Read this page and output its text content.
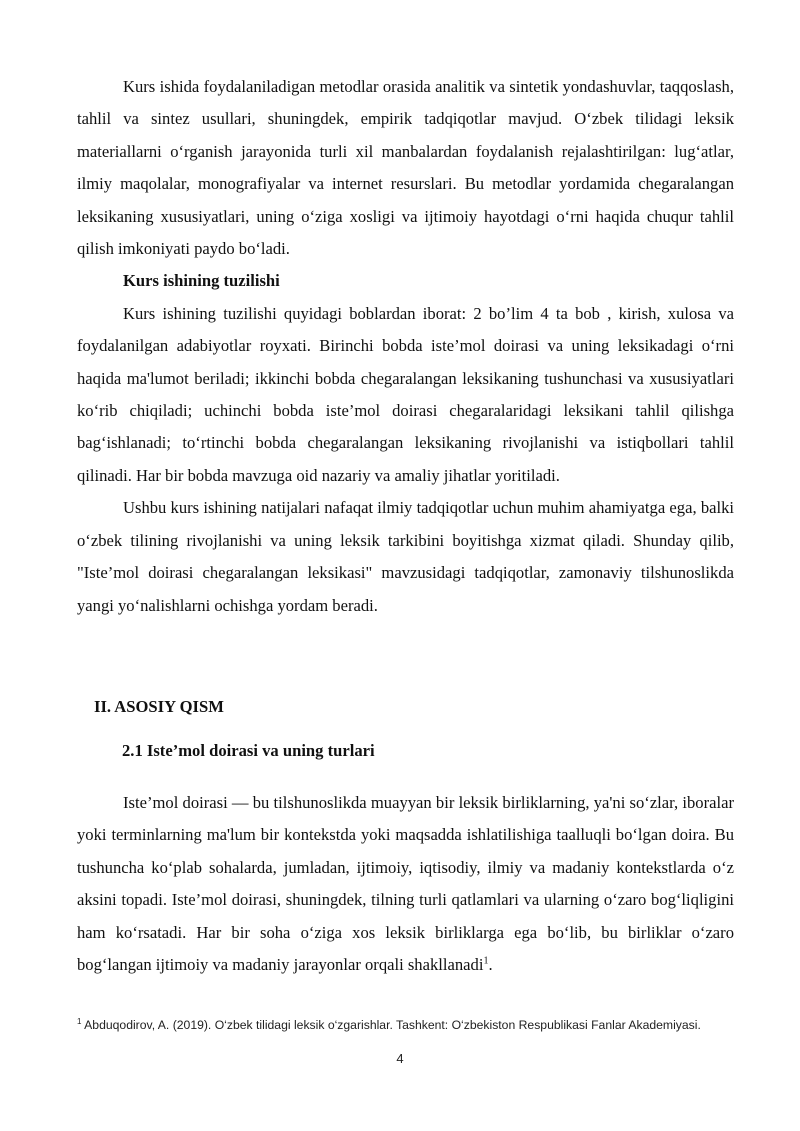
Kurs ishida foydalaniladigan metodlar orasida analitik va sintetik yondashuvlar, taqqoslash, tahlil va sintez usullari, shuningdek, empirik tadqiqotlar mavjud. O‘zbek tilidagi leksik materiallarni o‘rganish jarayonida turli xil manbalardan foydalanish rejalashtirilgan: lug‘atlar, ilmiy maqolalar, monografiyalar va internet resurslari. Bu metodlar yordamida chegaralangan leksikaning xususiyatlari, uning o‘ziga xosligi va ijtimoiy hayotdagi o‘rni haqida chuqur tahlil qilish imkoniyati paydo bo‘ladi.

Kurs ishining tuzilishi

Kurs ishining tuzilishi quyidagi boblardan iborat: 2 bo’lim 4 ta bob , kirish, xulosa va foydalanilgan adabiyotlar royxati. Birinchi bobda iste’mol doirasi va uning leksikadagi o‘rni haqida ma'lumot beriladi; ikkinchi bobda chegaralangan leksikaning tushunchasi va xususiyatlari ko‘rib chiqiladi; uchinchi bobda iste’mol doirasi chegaralaridagi leksikani tahlil qilishga bag‘ishlanadi; to‘rtinchi bobda chegaralangan leksikaning rivojlanishi va istiqbollari tahlil qilinadi. Har bir bobda mavzuga oid nazariy va amaliy jihatlar yoritiladi.

Ushbu kurs ishining natijalari nafaqat ilmiy tadqiqotlar uchun muhim ahamiyatga ega, balki o‘zbek tilining rivojlanishi va uning leksik tarkibini boyitishga xizmat qiladi. Shunday qilib, "Iste’mol doirasi chegaralangan leksikasi" mavzusidagi tadqiqotlar, zamonaviy tilshunoslikda yangi yo‘nalishlarni ochishga yordam beradi.

II. ASOSIY QISM
2.1 Iste’mol doirasi va uning turlari

Iste’mol doirasi — bu tilshunoslikda muayyan bir leksik birliklarning, ya'ni so‘zlar, iboralar yoki terminlarning ma'lum bir kontekstda yoki maqsadda ishlatilishiga taalluqli bo‘lgan doira. Bu tushuncha ko‘plab sohalarda, jumladan, ijtimoiy, iqtisodiy, ilmiy va madaniy kontekstlarda o‘z aksini topadi. Iste’mol doirasi, shuningdek, tilning turli qatlamlari va ularning o‘zaro bog‘liqligini ham ko‘rsatadi. Har bir soha o‘ziga xos leksik birliklarga ega bo‘lib, bu birliklar o‘zaro bog‘langan ijtimoiy va madaniy jarayonlar orqali shakllanadi$^1$.

$^1$ Abduqodirov, A. (2019). O‘zbek tilidagi leksik o‘zgarishlar. Tashkent: O‘zbekiston Respublikasi Fanlar Akademiyasi.
4
